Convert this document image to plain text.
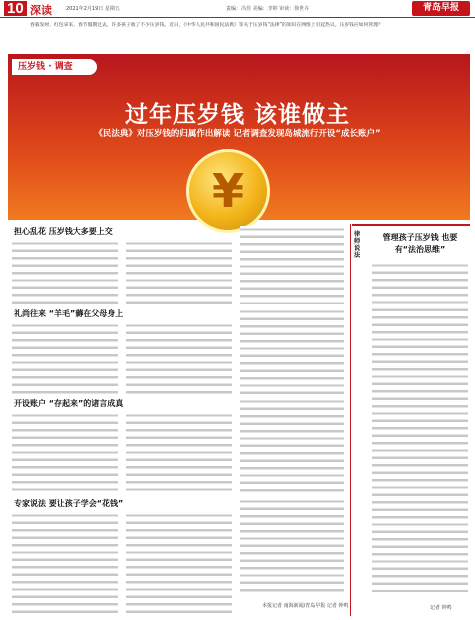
10 深读	2021年2月19日 星期五	责编：冯佳 美编：李婷 审读：徐世卉	青岛早报
春暮发财，红包拿来。春节假期过去，许多孩子收了不少压岁钱。近日，《中华人民共和国民法典》等关于压岁钱“法律”的知识在网络上引起热议。压岁钱应如何管理？
压岁钱 · 调查
过年压岁钱 该谁做主
《民法典》对压岁钱的归属作出解读 记者调查发现岛城流行开设“成长账户”
¥
担心乱花 压岁钱大多要上交
礼尚往来 “羊毛”薅在父母身上
开设账户 “存起来”的诸言成真
专家说法 要让孩子学会“花钱”
本报记者 南海新闻/青岛早报 记者 钟鸣
律师说法
管理孩子压岁钱 也要有“法治思维”
记者 钟鸣
